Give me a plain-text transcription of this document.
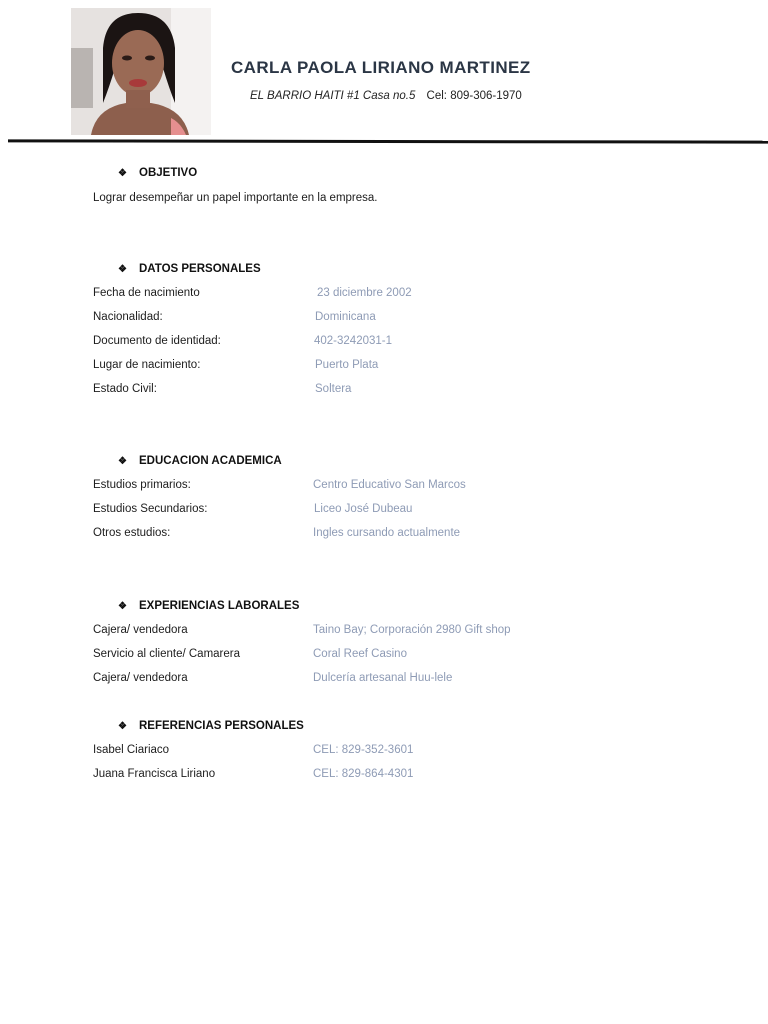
CARLA PAOLA LIRIANO MARTINEZ
EL BARRIO HAITI #1 Casa no.5 Cel: 809-306-1970
❖ OBJETIVO
Lograr desempeñar un papel importante en la empresa.
❖ DATOS PERSONALES
Fecha de nacimiento	23 diciembre 2002
Nacionalidad:	Dominicana
Documento de identidad:	402-3242031-1
Lugar de nacimiento:	Puerto Plata
Estado Civil:	Soltera
❖ EDUCACION ACADEMICA
Estudios primarios:	Centro Educativo San Marcos
Estudios Secundarios:	Liceo José Dubeau
Otros estudios:	Ingles cursando actualmente
❖ EXPERIENCIAS LABORALES
Cajera/ vendedora	Taino Bay; Corporación 2980 Gift shop
Servicio al cliente/ Camarera	Coral Reef Casino
Cajera/ vendedora	Dulcería artesanal Huu-lele
❖ REFERENCIAS PERSONALES
Isabel Ciariaco	CEL: 829-352-3601
Juana Francisca Liriano	CEL: 829-864-4301
